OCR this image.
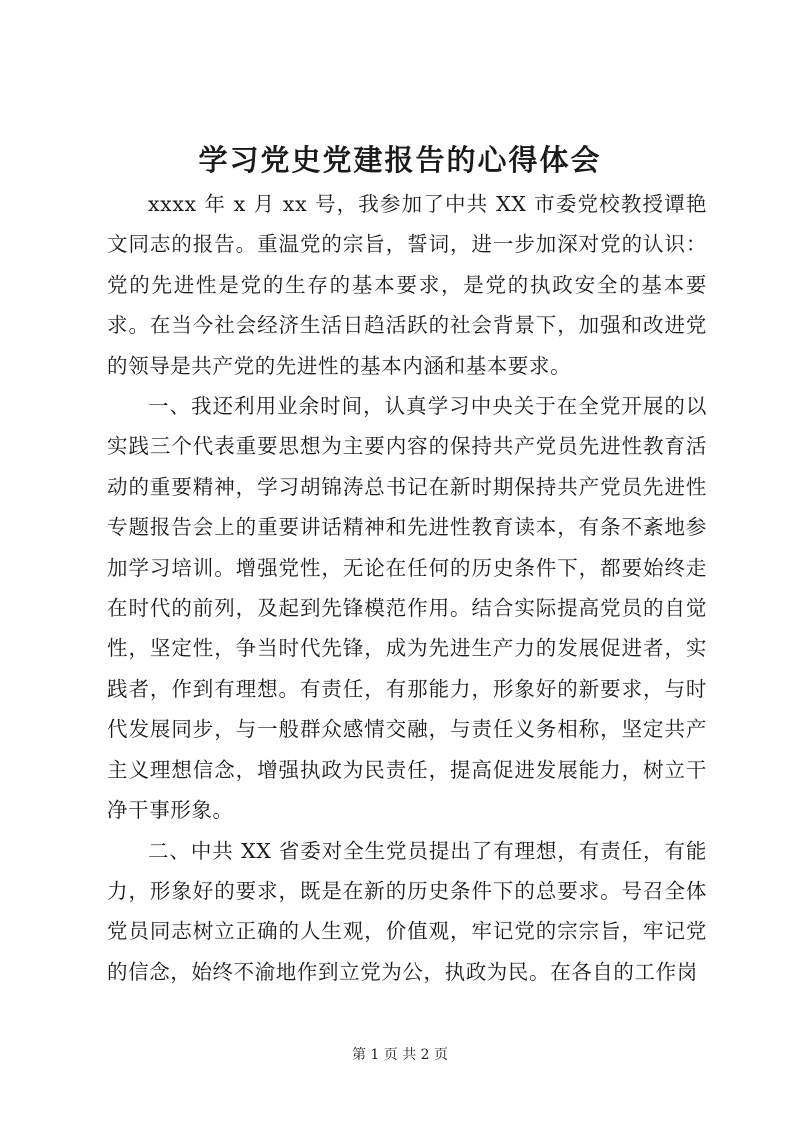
学习党史党建报告的心得体会

xxxx 年 x 月 xx 号，我参加了中共 XX 市委党校教授谭艳文同志的报告。重温党的宗旨，誓词，进一步加深对党的认识：党的先进性是党的生存的基本要求，是党的执政安全的基本要求。在当今社会经济生活日趋活跃的社会背景下，加强和改进党的领导是共产党的先进性的基本内涵和基本要求。

一、我还利用业余时间，认真学习中央关于在全党开展的以实践三个代表重要思想为主要内容的保持共产党员先进性教育活动的重要精神，学习胡锦涛总书记在新时期保持共产党员先进性专题报告会上的重要讲话精神和先进性教育读本，有条不紊地参加学习培训。增强党性，无论在任何的历史条件下，都要始终走在时代的前列，及起到先锋模范作用。结合实际提高党员的自觉性，坚定性，争当时代先锋，成为先进生产力的发展促进者，实践者，作到有理想。有责任，有那能力，形象好的新要求，与时代发展同步，与一般群众感情交融，与责任义务相称，坚定共产主义理想信念，增强执政为民责任，提高促进发展能力，树立干净干事形象。

二、中共 XX 省委对全生党员提出了有理想，有责任，有能力，形象好的要求，既是在新的历史条件下的总要求。号召全体党员同志树立正确的人生观，价值观，牢记党的宗宗旨，牢记党的信念，始终不渝地作到立党为公，执政为民。在各自的工作岗

第 1 页 共 2 页
